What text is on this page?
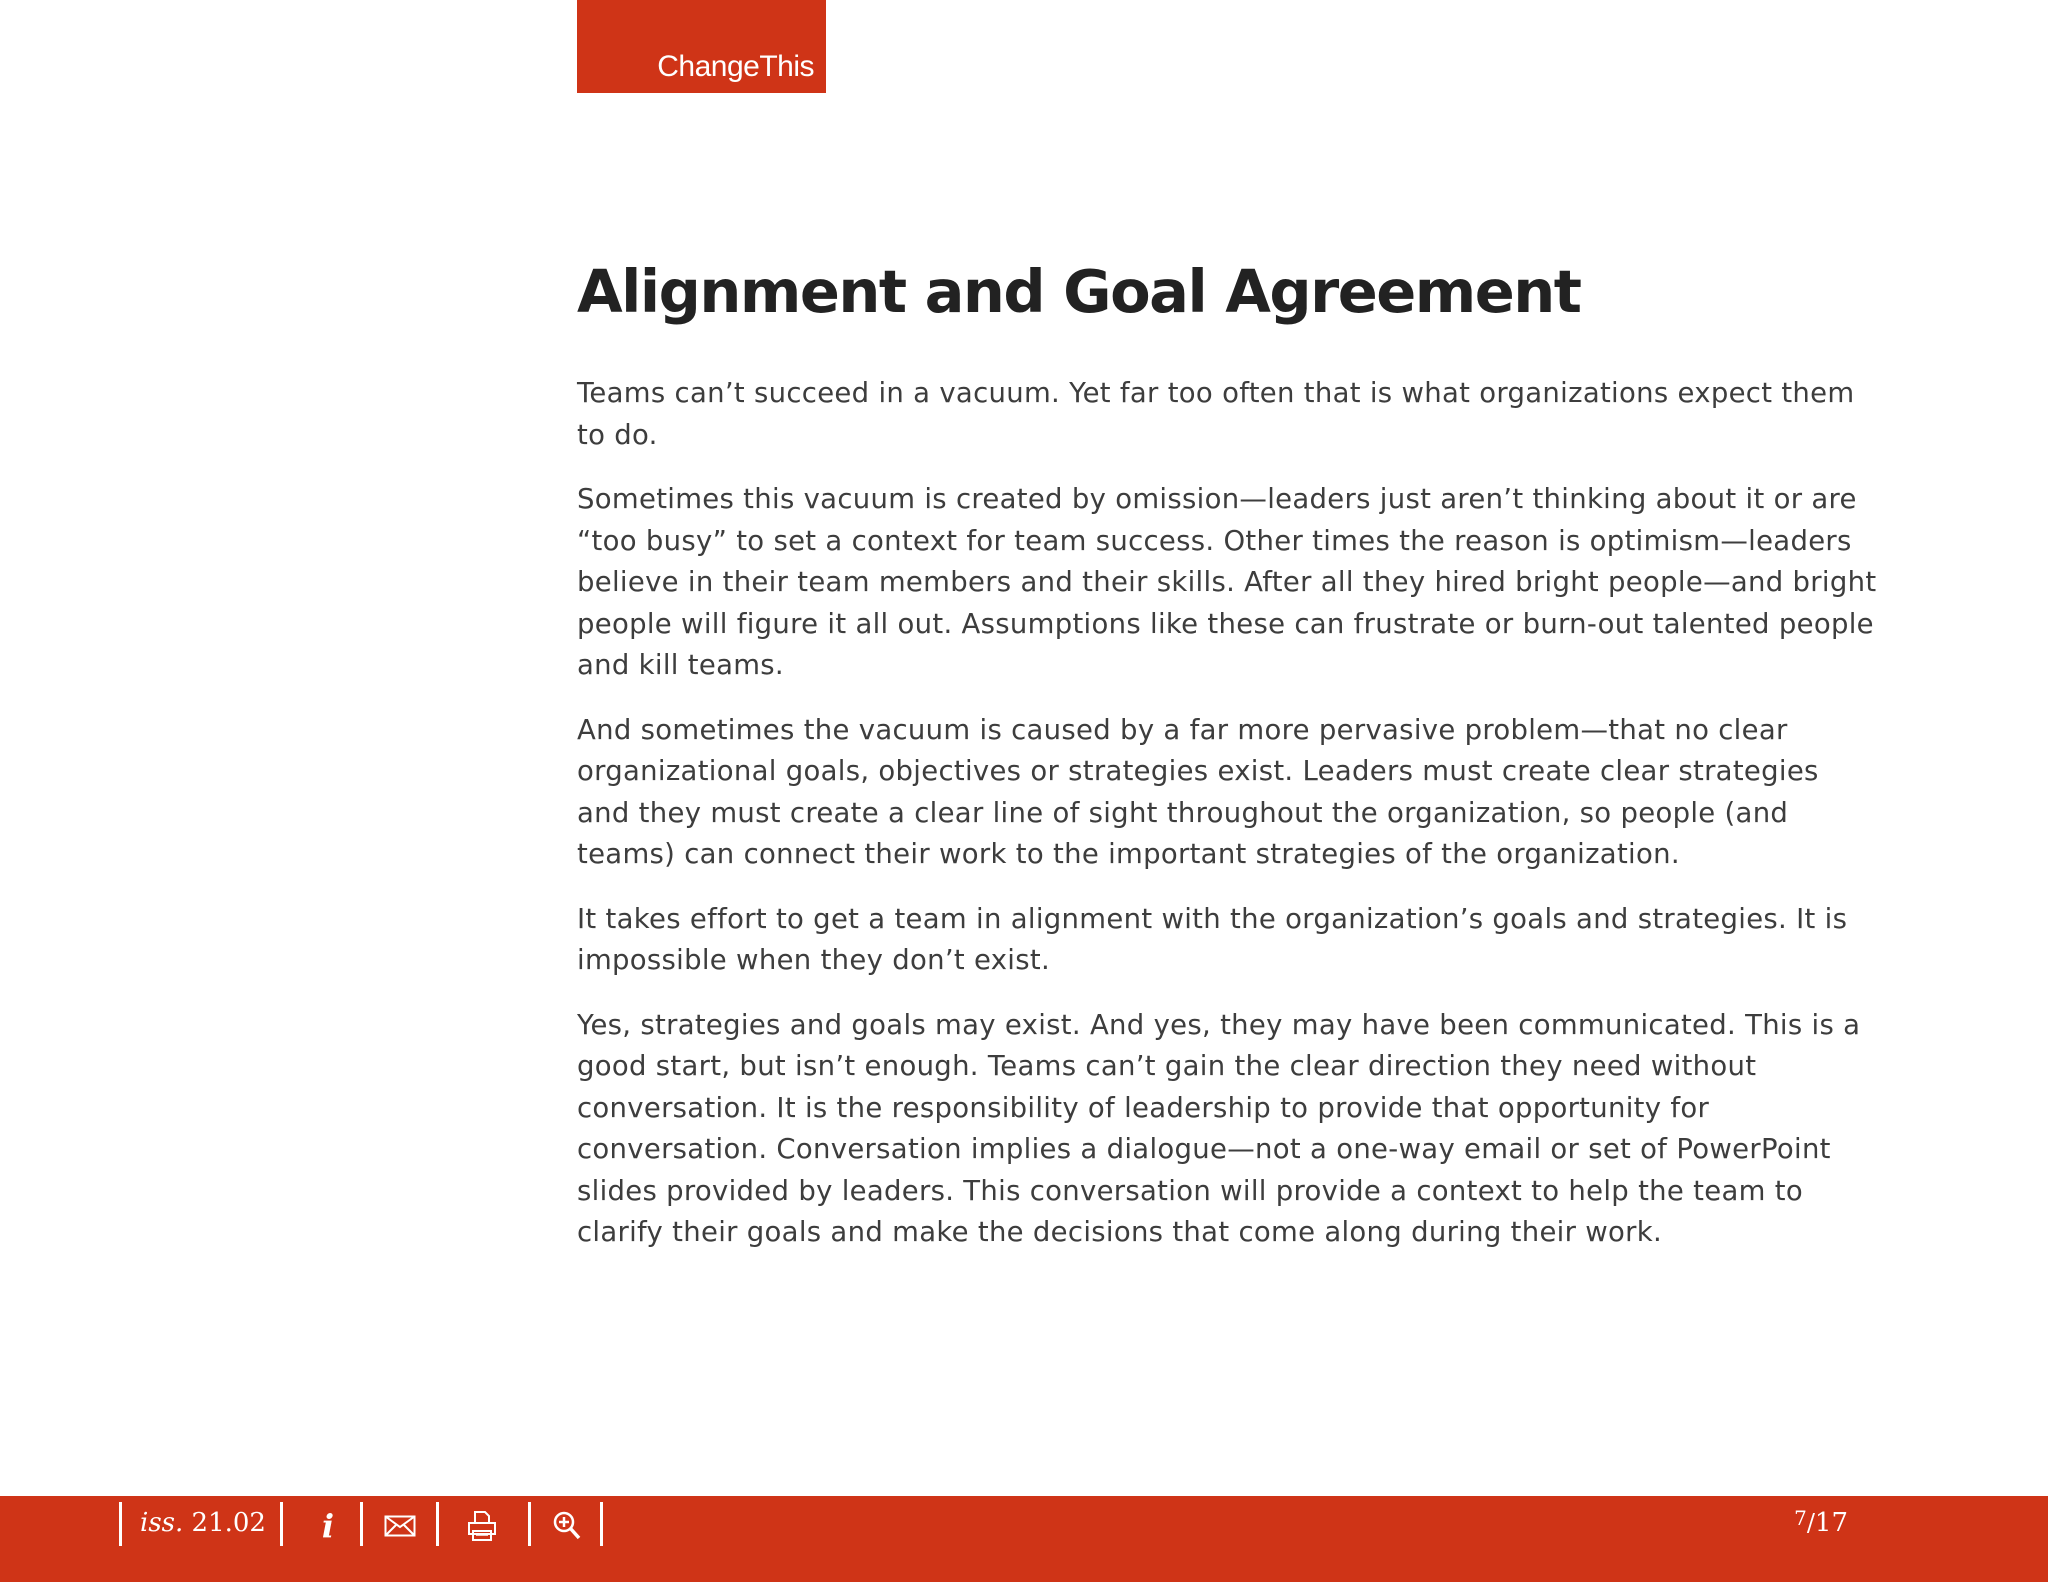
ChangeThis
Alignment and Goal Agreement

Teams can’t succeed in a vacuum. Yet far too often that is what organizations expect them to do.

Sometimes this vacuum is created by omission—leaders just aren’t thinking about it or are “too busy” to set a context for team success. Other times the reason is optimism—leaders believe in their team members and their skills. After all they hired bright people—and bright people will figure it all out. Assumptions like these can frustrate or burn-out talented people and kill teams.

And sometimes the vacuum is caused by a far more pervasive problem—that no clear organizational goals, objectives or strategies exist. Leaders must create clear strategies and they must create a clear line of sight throughout the organization, so people (and teams) can connect their work to the important strategies of the organization.

It takes effort to get a team in alignment with the organization’s goals and strategies. It is impossible when they don’t exist.

Yes, strategies and goals may exist. And yes, they may have been communicated. This is a good start, but isn’t enough. Teams can’t gain the clear direction they need without conversation. It is the responsibility of leadership to provide that opportunity for conversation. Conversation implies a dialogue—not a one-way email or set of PowerPoint slides provided by leaders. This conversation will provide a context to help the team to clarify their goals and make the decisions that come along during their work.

iss. 21.02	i	$^7$/17
